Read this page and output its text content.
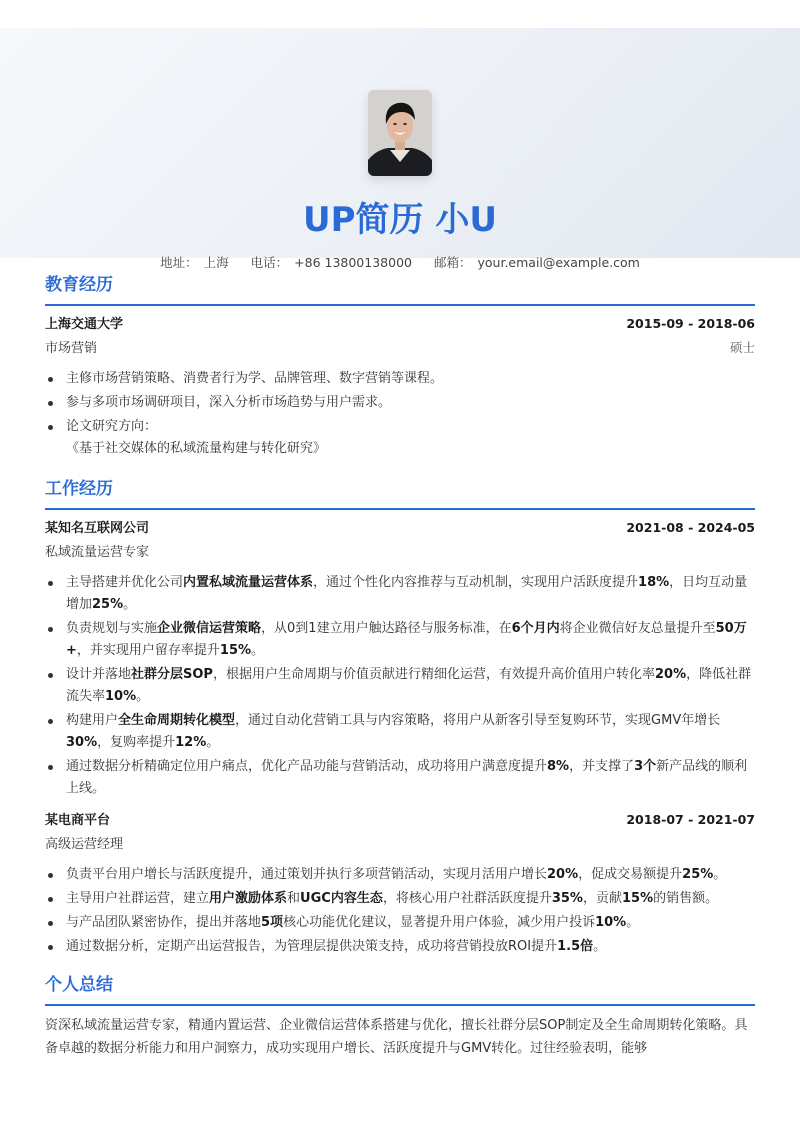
UP简历 小U
地址： 上海 电话： +86 13800138000 邮箱： your.email@example.com
教育经历
上海交通大学	2015-09 - 2018-06
市场营销	硕士
主修市场营销策略、消费者行为学、品牌管理、数字营销等课程。
参与多项市场调研项目，深入分析市场趋势与用户需求。
论文研究方向：
《基于社交媒体的私域流量构建与转化研究》
工作经历
某知名互联网公司	2021-08 - 2024-05
私域流量运营专家
主导搭建并优化公司内置私域流量运营体系，通过个性化内容推荐与互动机制，实现用户活跃度提升18%，日均互动量增加25%。
负责规划与实施企业微信运营策略，从0到1建立用户触达路径与服务标准，在6个月内将企业微信好友总量提升至50万+，并实现用户留存率提升15%。
设计并落地社群分层SOP，根据用户生命周期与价值贡献进行精细化运营，有效提升高价值用户转化率20%，降低社群流失率10%。
构建用户全生命周期转化模型，通过自动化营销工具与内容策略，将用户从新客引导至复购环节，实现GMV年增长30%，复购率提升12%。
通过数据分析精确定位用户痛点，优化产品功能与营销活动，成功将用户满意度提升8%，并支撑了3个新产品线的顺利上线。
某电商平台	2018-07 - 2021-07
高级运营经理
负责平台用户增长与活跃度提升，通过策划并执行多项营销活动，实现月活用户增长20%，促成交易额提升25%。
主导用户社群运营，建立用户激励体系和UGC内容生态，将核心用户社群活跃度提升35%，贡献15%的销售额。
与产品团队紧密协作，提出并落地5项核心功能优化建议，显著提升用户体验，减少用户投诉10%。
通过数据分析，定期产出运营报告，为管理层提供决策支持，成功将营销投放ROI提升1.5倍。
个人总结
资深私域流量运营专家，精通内置运营、企业微信运营体系搭建与优化，擅长社群分层SOP制定及全生命周期转化策略。具备卓越的数据分析能力和用户洞察力，成功实现用户增长、活跃度提升与GMV转化。过往经验表明，能够
